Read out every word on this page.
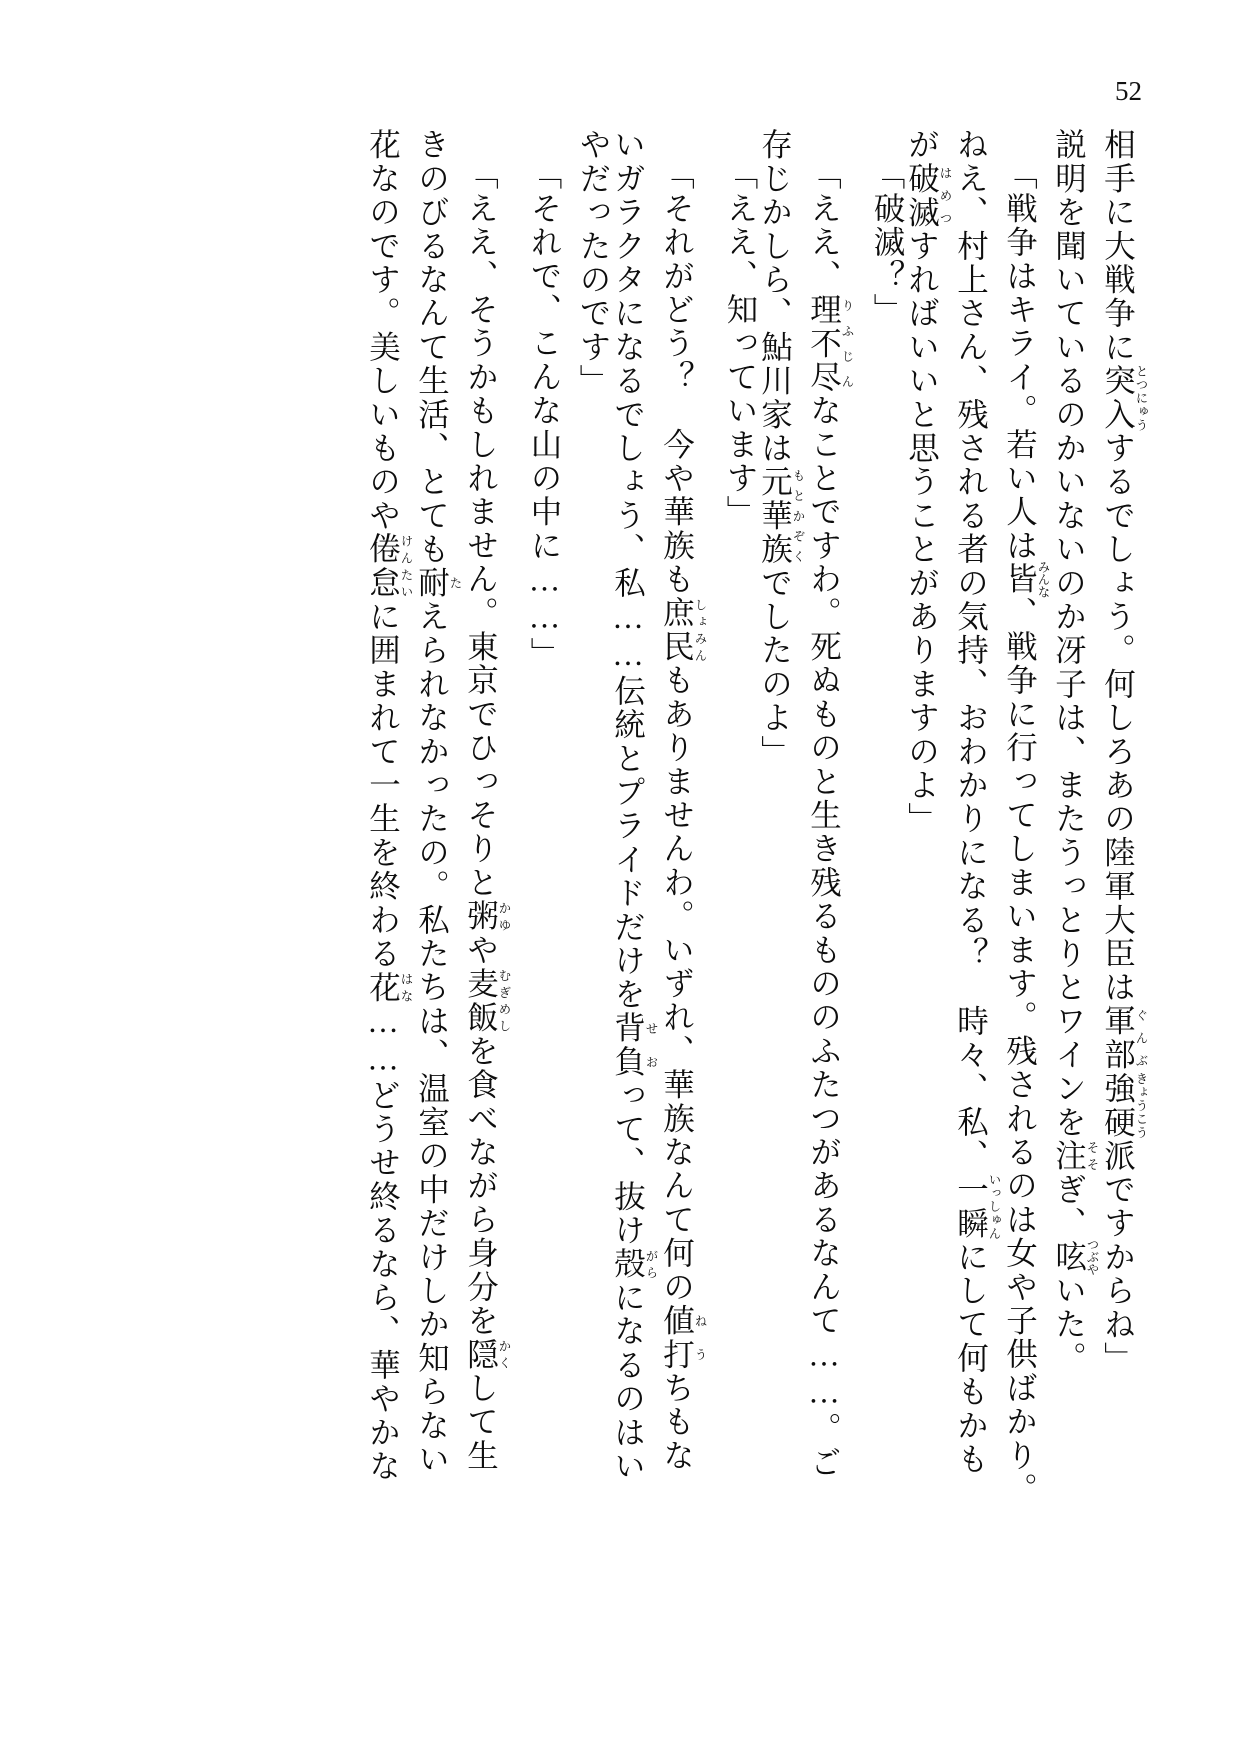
52
相手に大戦争に突入とつにゅうするでしょう。何しろあの陸軍大臣は軍部ぐんぶ強硬きょうこう派ですからね」
説明を聞いているのかいないのか冴子は、またうっとりとワインを注そそぎ、呟つぶやいた。
「戦争はキライ。若い人は皆みんな、戦争に行ってしまいます。残されるのは女や子供ばかり。
ねえ、村上さん、残される者の気持、おわかりになる？　時々、私、一瞬いっしゅんにして何もかも
が破滅はめつすればいいと思うことがありますのよ」
「破滅？」
「ええ、理不尽りふじんなことですわ。死ぬものと生き残るもののふたつがあるなんて……。ご
存じかしら、鮎川家は元華族もとかぞくでしたのよ」
「ええ、知っています」
「それがどう？　今や華族も庶民しょみんもありませんわ。いずれ、華族なんて何の値打ねうちもな
いガラクタになるでしょう、私……伝統とプライドだけを背負せおって、抜け殻がらになるのはい
やだったのです」
「それで、こんな山の中に……」
「ええ、そうかもしれません。東京でひっそりと粥かゆや麦飯むぎめしを食べながら身分を隠かくして生
きのびるなんて生活、とても耐たえられなかったの。私たちは、温室の中だけしか知らない
花なのです。美しいものや倦怠けんたいに囲まれて一生を終わる花はな……どうせ終るなら、華やかな
